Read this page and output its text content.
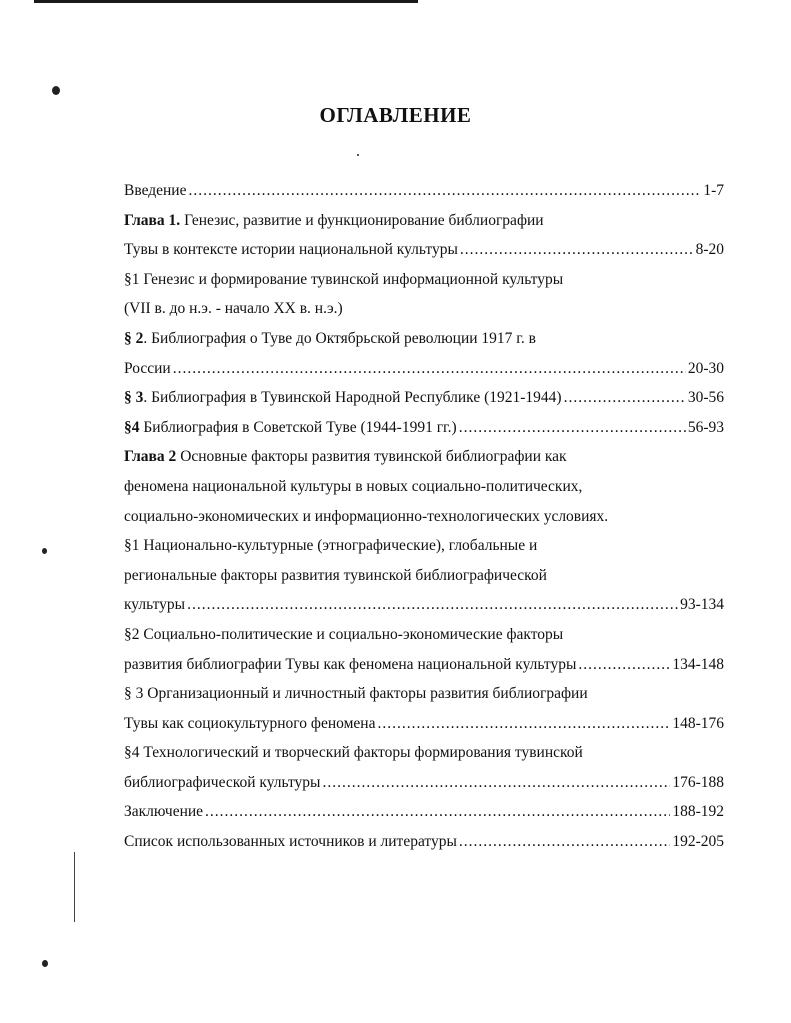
ОГЛАВЛЕНИЕ
Введение .....	1-7
Глава 1. Генезис, развитие и функционирование библиографии
Тувы в контексте истории национальной культуры .....	8-20
§1 Генезис и формирование тувинской информационной культуры
(VII в. до н.э. - начало XX в. н.э.)
§ 2. Библиография о Туве до Октябрьской революции 1917 г. в
России .....	20-30
§ 3. Библиография в Тувинской Народной Республике (1921-1944) .....	30-56
§4 Библиография в Советской Туве (1944-1991 гг.) .....	56-93
Глава 2 Основные факторы развития тувинской библиографии как
феномена национальной культуры в новых социально-политических,
социально-экономических и информационно-технологических условиях.
§1 Национально-культурные (этнографические), глобальные и
региональные факторы развития тувинской библиографической
культуры .....	93-134
§2 Социально-политические и социально-экономические факторы
развития библиографии Тувы как феномена национальной культуры .....	134-148
§ 3 Организационный и личностный факторы развития библиографии
Тувы как социокультурного феномена .....	148-176
§4 Технологический и творческий факторы формирования тувинской
библиографической культуры .....	176-188
Заключение .....	188-192
Список использованных источников и литературы .....	192-205
